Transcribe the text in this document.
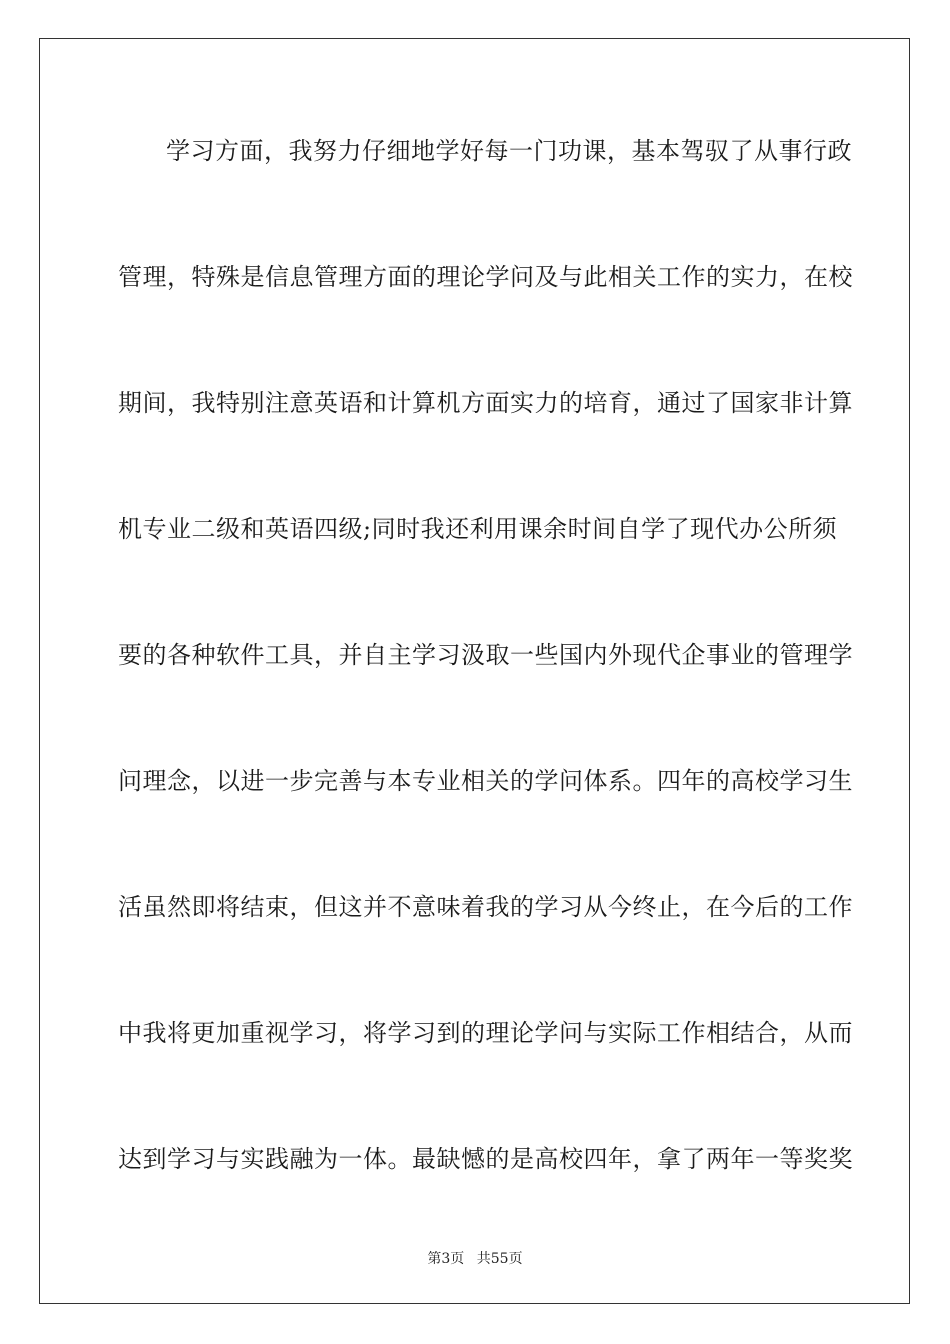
学习方面，我努力仔细地学好每一门功课，基本驾驭了从事行政
管理，特殊是信息管理方面的理论学问及与此相关工作的实力，在校
期间，我特别注意英语和计算机方面实力的培育，通过了国家非计算
机专业二级和英语四级;同时我还利用课余时间自学了现代办公所须
要的各种软件工具，并自主学习汲取一些国内外现代企事业的管理学
问理念，以进一步完善与本专业相关的学问体系。四年的高校学习生
活虽然即将结束，但这并不意味着我的学习从今终止，在今后的工作
中我将更加重视学习，将学习到的理论学问与实际工作相结合，从而
达到学习与实践融为一体。最缺憾的是高校四年，拿了两年一等奖奖
第3页 共55页
